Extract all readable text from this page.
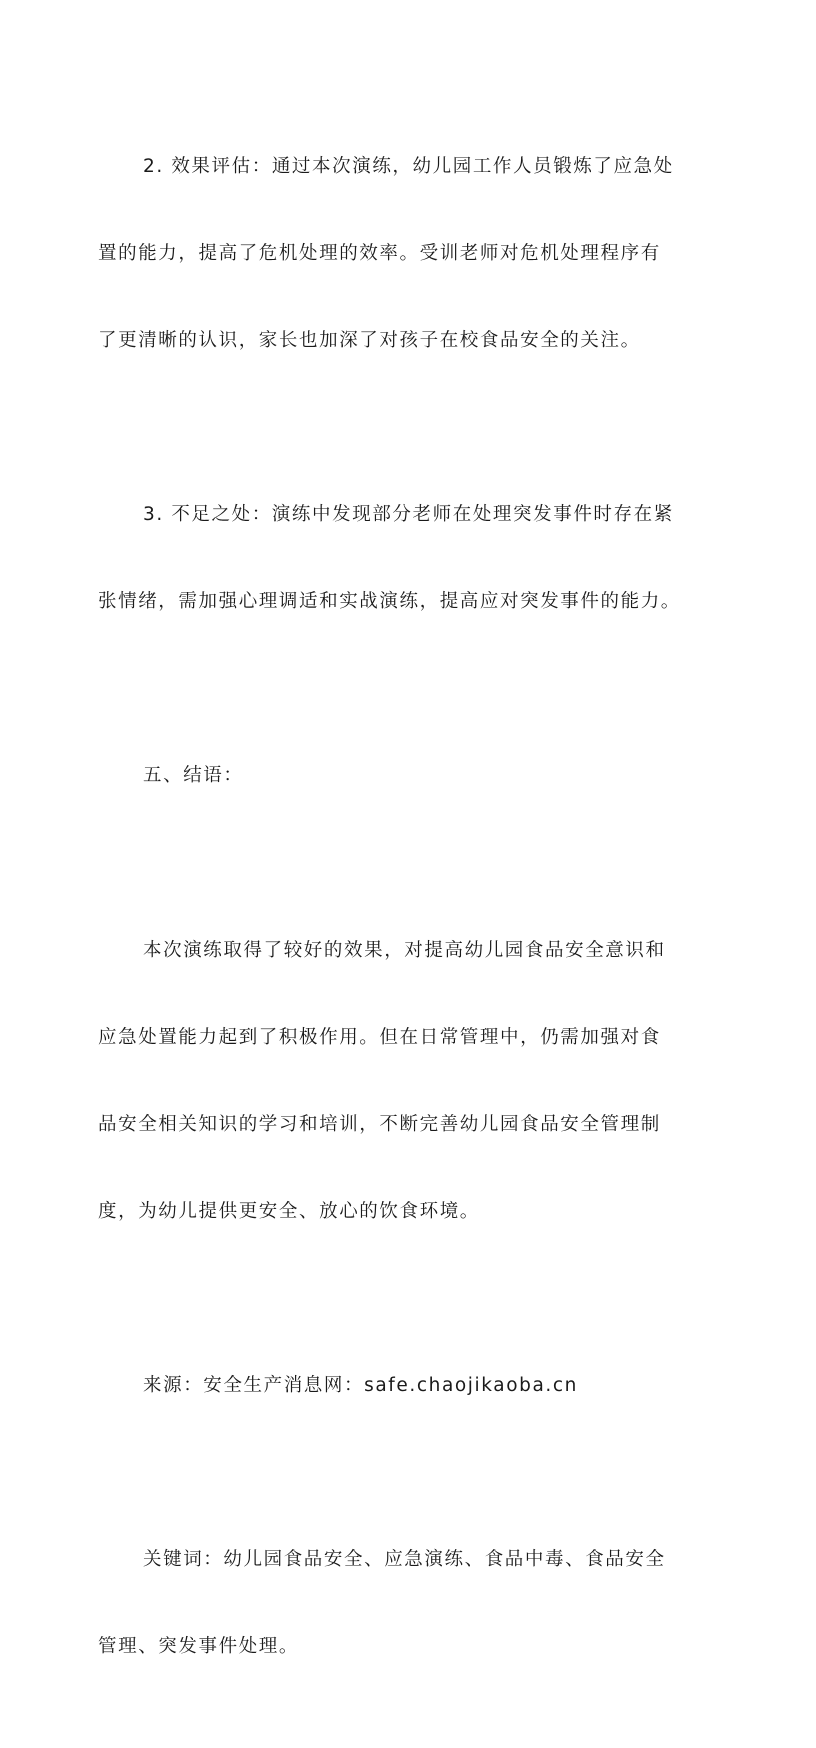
2. 效果评估：通过本次演练，幼儿园工作人员锻炼了应急处

置的能力，提高了危机处理的效率。受训老师对危机处理程序有

了更清晰的认识，家长也加深了对孩子在校食品安全的关注。

3. 不足之处：演练中发现部分老师在处理突发事件时存在紧

张情绪，需加强心理调适和实战演练，提高应对突发事件的能力。

五、结语：

本次演练取得了较好的效果，对提高幼儿园食品安全意识和

应急处置能力起到了积极作用。但在日常管理中，仍需加强对食

品安全相关知识的学习和培训，不断完善幼儿园食品安全管理制

度，为幼儿提供更安全、放心的饮食环境。

来源：安全生产消息网：safe.chaojikaoba.cn

关键词：幼儿园食品安全、应急演练、食品中毒、食品安全

管理、突发事件处理。
